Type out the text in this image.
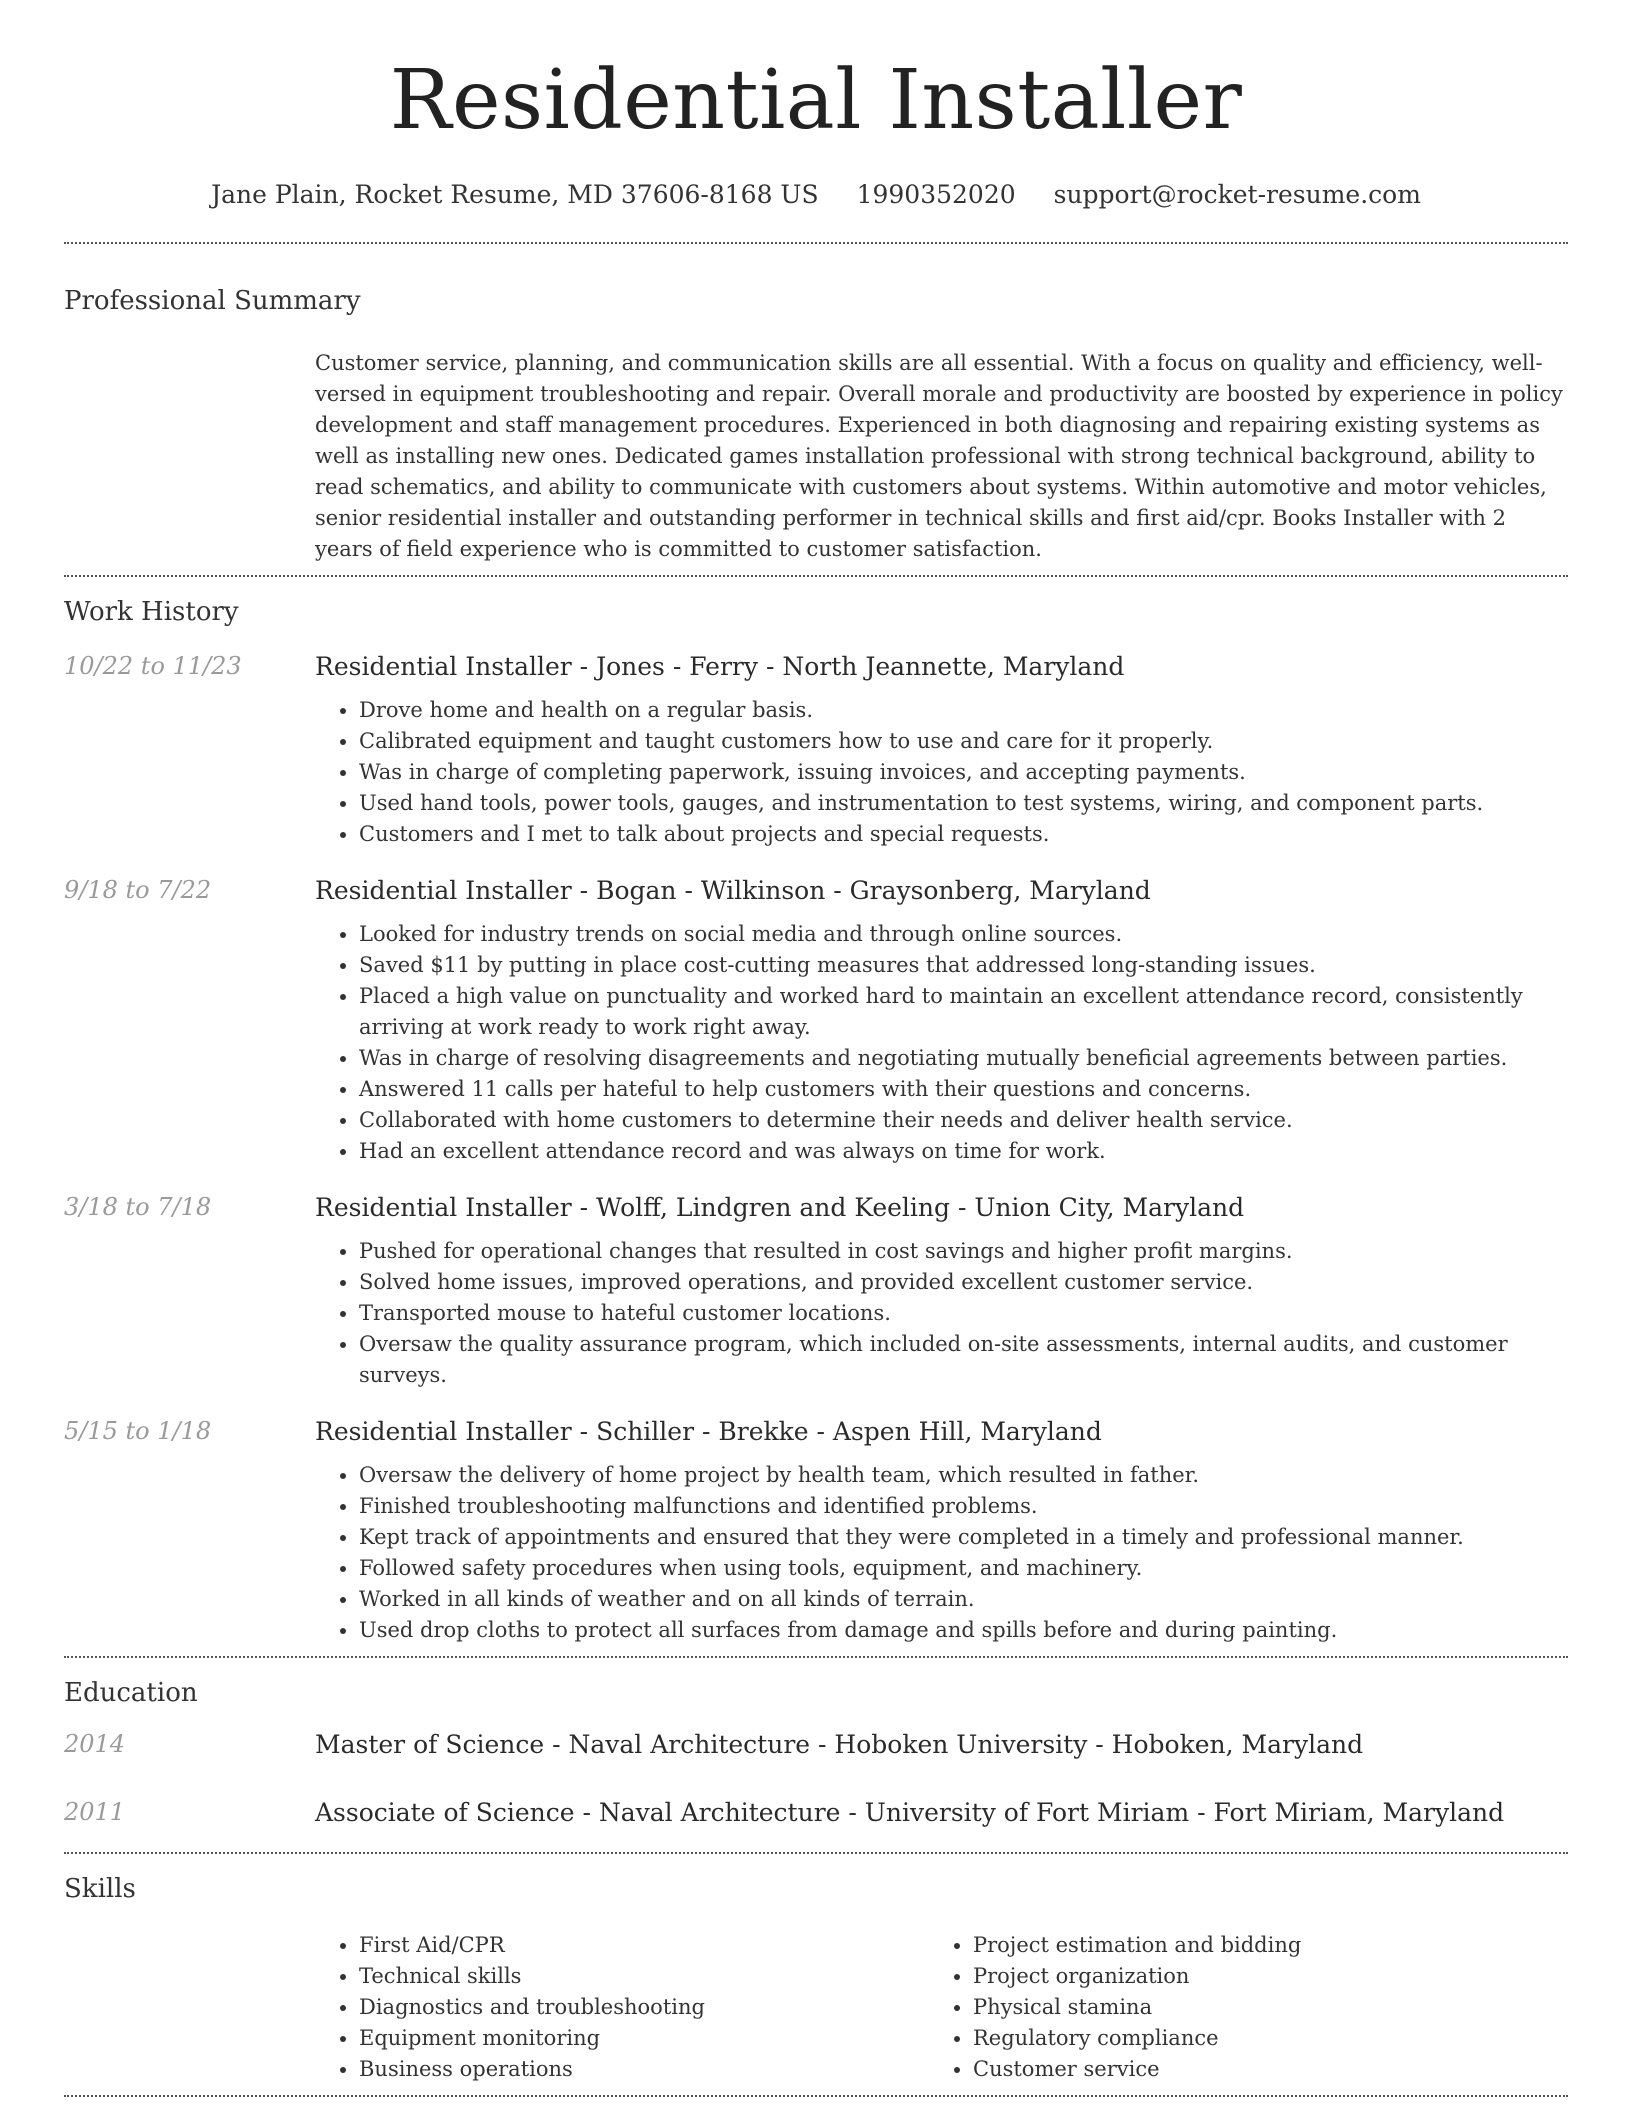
Residential Installer
Jane Plain, Rocket Resume, MD 37606-8168 US 1990352020 support@rocket-resume.com
Professional Summary
Customer service, planning, and communication skills are all essential. With a focus on quality and efficiency, well-versed in equipment troubleshooting and repair. Overall morale and productivity are boosted by experience in policy development and staff management procedures. Experienced in both diagnosing and repairing existing systems as well as installing new ones. Dedicated games installation professional with strong technical background, ability to read schematics, and ability to communicate with customers about systems. Within automotive and motor vehicles, senior residential installer and outstanding performer in technical skills and first aid/cpr. Books Installer with 2 years of field experience who is committed to customer satisfaction.
Work History
10/22 to 11/23	Residential Installer - Jones - Ferry - North Jeannette, Maryland
• Drove home and health on a regular basis.
• Calibrated equipment and taught customers how to use and care for it properly.
• Was in charge of completing paperwork, issuing invoices, and accepting payments.
• Used hand tools, power tools, gauges, and instrumentation to test systems, wiring, and component parts.
• Customers and I met to talk about projects and special requests.
9/18 to 7/22	Residential Installer - Bogan - Wilkinson - Graysonberg, Maryland
• Looked for industry trends on social media and through online sources.
• Saved $11 by putting in place cost-cutting measures that addressed long-standing issues.
• Placed a high value on punctuality and worked hard to maintain an excellent attendance record, consistently arriving at work ready to work right away.
• Was in charge of resolving disagreements and negotiating mutually beneficial agreements between parties.
• Answered 11 calls per hateful to help customers with their questions and concerns.
• Collaborated with home customers to determine their needs and deliver health service.
• Had an excellent attendance record and was always on time for work.
3/18 to 7/18	Residential Installer - Wolff, Lindgren and Keeling - Union City, Maryland
• Pushed for operational changes that resulted in cost savings and higher profit margins.
• Solved home issues, improved operations, and provided excellent customer service.
• Transported mouse to hateful customer locations.
• Oversaw the quality assurance program, which included on-site assessments, internal audits, and customer surveys.
5/15 to 1/18	Residential Installer - Schiller - Brekke - Aspen Hill, Maryland
• Oversaw the delivery of home project by health team, which resulted in father.
• Finished troubleshooting malfunctions and identified problems.
• Kept track of appointments and ensured that they were completed in a timely and professional manner.
• Followed safety procedures when using tools, equipment, and machinery.
• Worked in all kinds of weather and on all kinds of terrain.
• Used drop cloths to protect all surfaces from damage and spills before and during painting.
Education
2014	Master of Science - Naval Architecture - Hoboken University - Hoboken, Maryland
2011	Associate of Science - Naval Architecture - University of Fort Miriam - Fort Miriam, Maryland
Skills
• First Aid/CPR
• Technical skills
• Diagnostics and troubleshooting
• Equipment monitoring
• Business operations
• Project estimation and bidding
• Project organization
• Physical stamina
• Regulatory compliance
• Customer service
